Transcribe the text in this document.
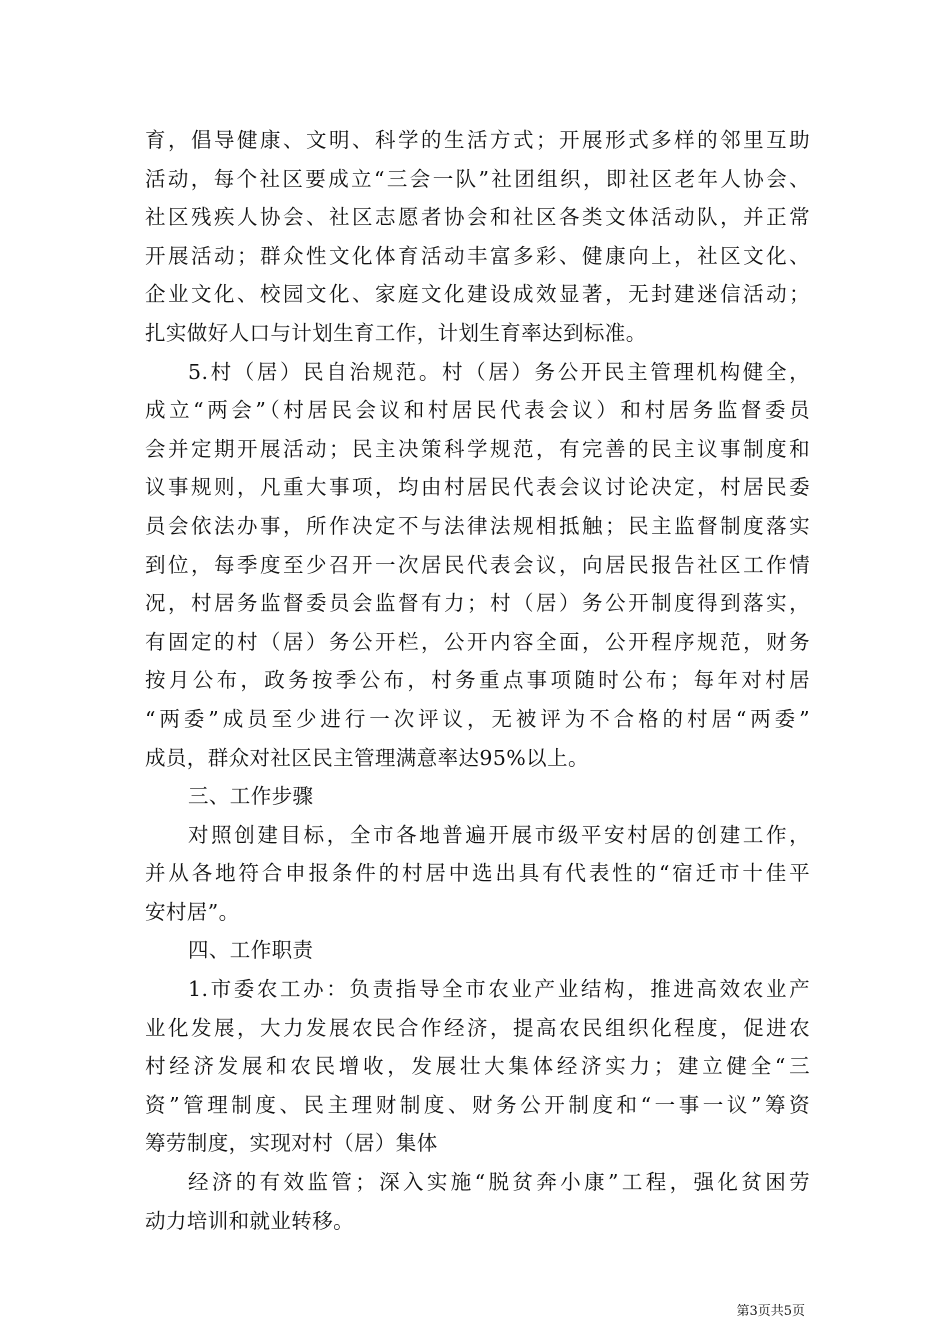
育，倡导健康、文明、科学的生活方式；开展形式多样的邻里互助
活动，每个社区要成立“三会一队”社团组织，即社区老年人协会、
社区残疾人协会、社区志愿者协会和社区各类文体活动队，并正常
开展活动；群众性文化体育活动丰富多彩、健康向上，社区文化、
企业文化、校园文化、家庭文化建设成效显著，无封建迷信活动；
扎实做好人口与计划生育工作，计划生育率达到标准。
5.村（居）民自治规范。村（居）务公开民主管理机构健全，
成立“两会”（村居民会议和村居民代表会议）和村居务监督委员
会并定期开展活动；民主决策科学规范，有完善的民主议事制度和
议事规则，凡重大事项，均由村居民代表会议讨论决定，村居民委
员会依法办事，所作决定不与法律法规相抵触；民主监督制度落实
到位，每季度至少召开一次居民代表会议，向居民报告社区工作情
况，村居务监督委员会监督有力；村（居）务公开制度得到落实，
有固定的村（居）务公开栏，公开内容全面，公开程序规范，财务
按月公布，政务按季公布，村务重点事项随时公布；每年对村居
“两委”成员至少进行一次评议，无被评为不合格的村居“两委”
成员，群众对社区民主管理满意率达95%以上。
三、工作步骤
对照创建目标，全市各地普遍开展市级平安村居的创建工作，
并从各地符合申报条件的村居中选出具有代表性的“宿迁市十佳平
安村居”。
四、工作职责
1.市委农工办：负责指导全市农业产业结构，推进高效农业产
业化发展，大力发展农民合作经济，提高农民组织化程度，促进农
村经济发展和农民增收，发展壮大集体经济实力；建立健全“三
资”管理制度、民主理财制度、财务公开制度和“一事一议”筹资
筹劳制度，实现对村（居）集体
经济的有效监管；深入实施“脱贫奔小康”工程，强化贫困劳
动力培训和就业转移。
第3页共5页
